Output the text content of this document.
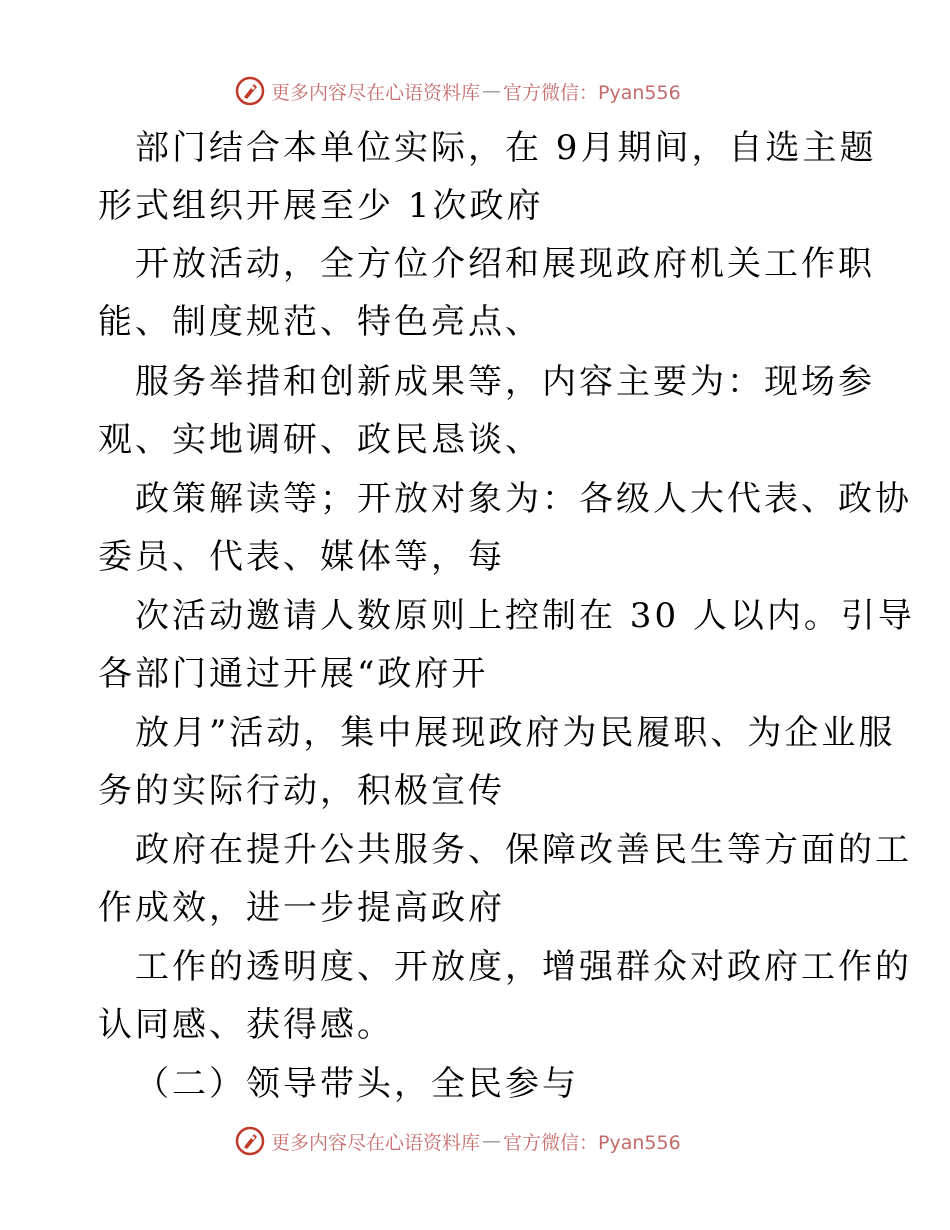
更多内容尽在心语资料库 — 官方微信：Pyan556
部门结合本单位实际，在 9月期间，自选主题
形式组织开展至少 1次政府
开放活动，全方位介绍和展现政府机关工作职
能、制度规范、特色亮点、
服务举措和创新成果等，内容主要为：现场参
观、实地调研、政民恳谈、
政策解读等；开放对象为：各级人大代表、政协
委员、代表、媒体等，每
次活动邀请人数原则上控制在 30 人以内。引导
各部门通过开展“政府开
放月”活动，集中展现政府为民履职、为企业服
务的实际行动，积极宣传
政府在提升公共服务、保障改善民生等方面的工
作成效，进一步提高政府
工作的透明度、开放度，增强群众对政府工作的
认同感、获得感。
（二）领导带头，全民参与
更多内容尽在心语资料库 — 官方微信：Pyan556
